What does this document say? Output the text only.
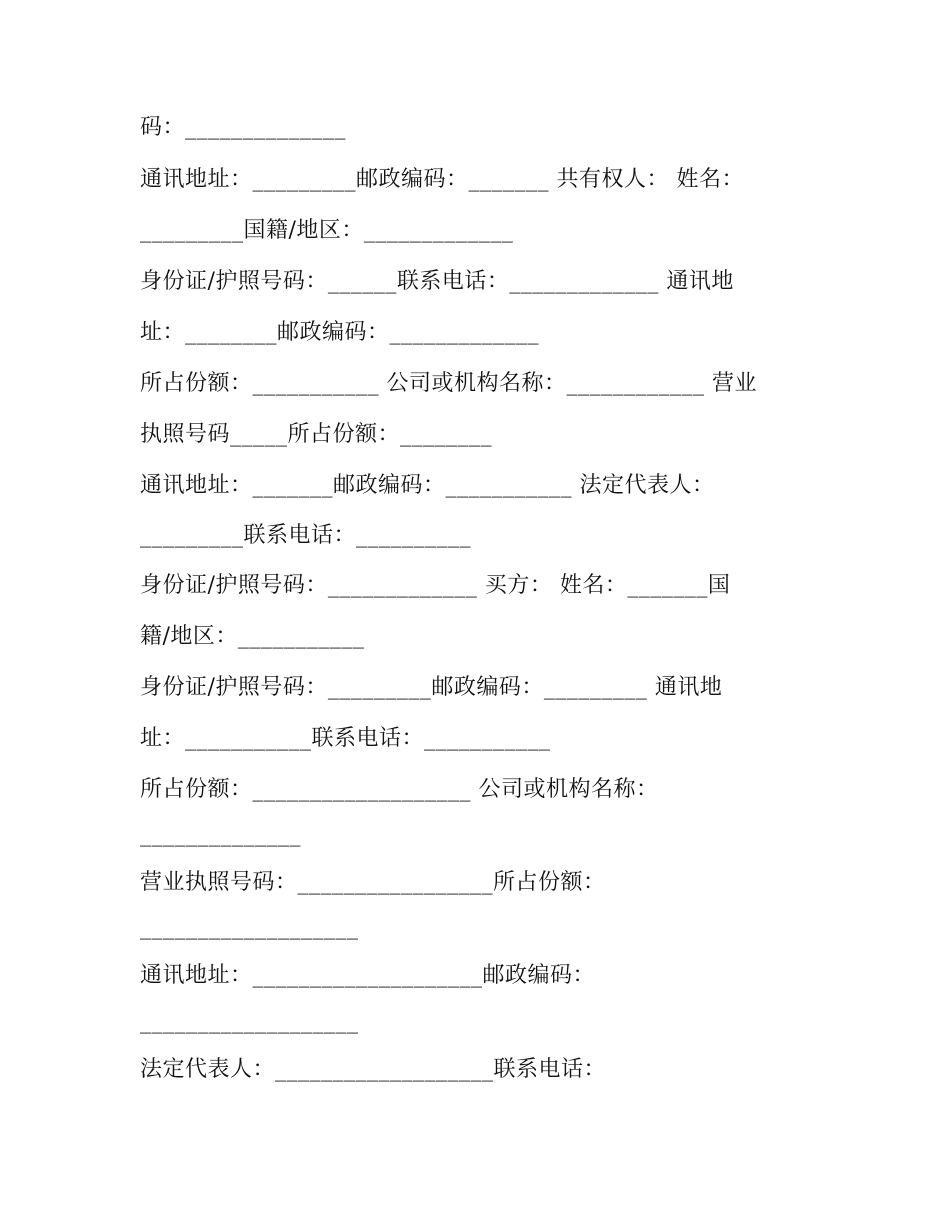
码：______________
通讯地址：_________邮政编码：_______ 共有权人： 姓名：
_________国籍/地区：_____________
身份证/护照号码：______联系电话：_____________ 通讯地
址：________邮政编码：_____________
所占份额：___________ 公司或机构名称：____________ 营业
执照号码_____所占份额：________
通讯地址：_______邮政编码：___________ 法定代表人：
_________联系电话：__________
身份证/护照号码：_____________ 买方： 姓名：_______国
籍/地区：___________
身份证/护照号码：_________邮政编码：_________ 通讯地
址：___________联系电话：___________
所占份额：___________________ 公司或机构名称：
______________
营业执照号码：_________________所占份额：
___________________
通讯地址：____________________邮政编码：
___________________
法定代表人：___________________联系电话：
